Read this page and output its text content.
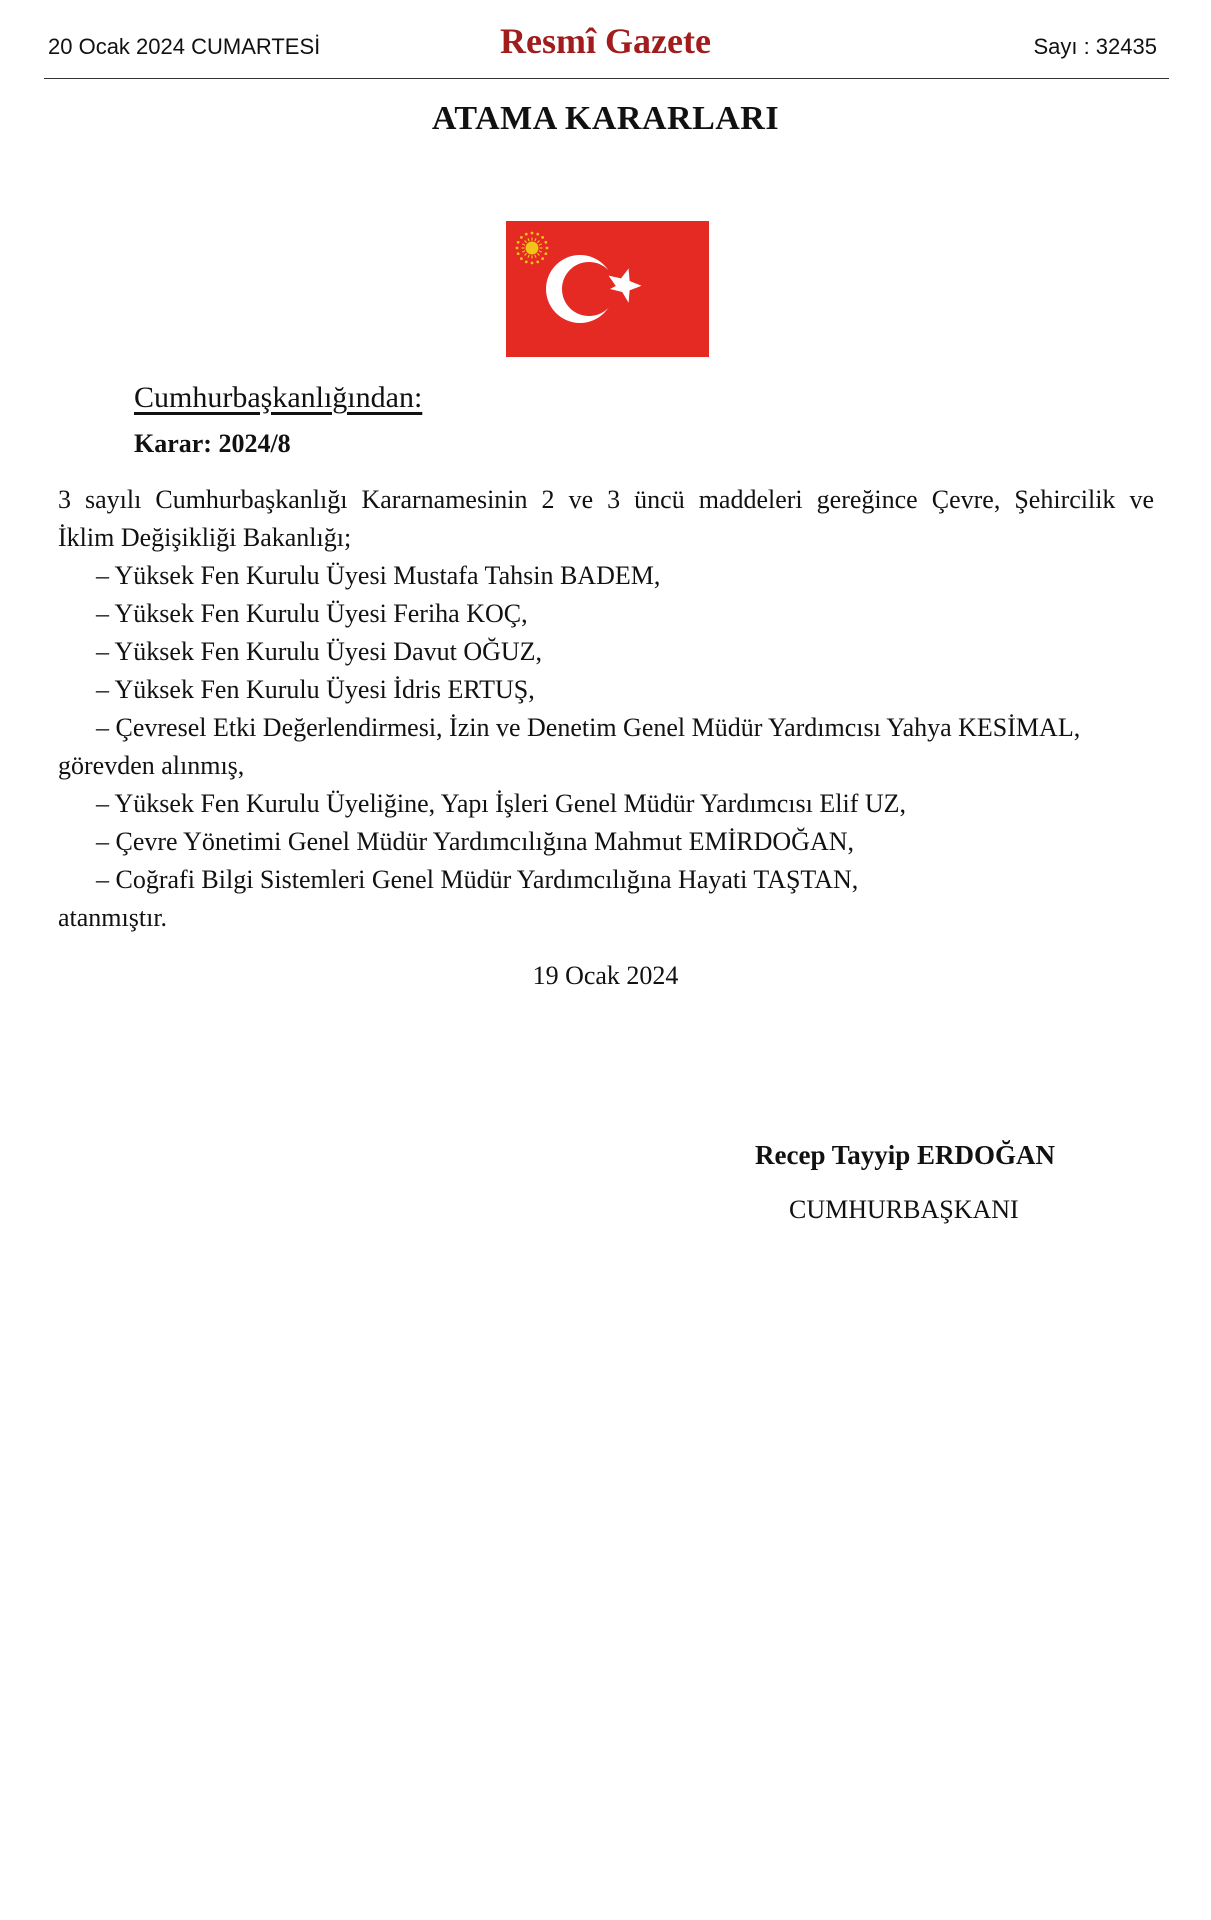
20 Ocak 2024 CUMARTESİ	Resmî Gazete	Sayı : 32435
ATAMA KARARLARI
Cumhurbaşkanlığından:
Karar: 2024/8
3 sayılı Cumhurbaşkanlığı Kararnamesinin 2 ve 3 üncü maddeleri gereğince Çevre, Şehircilik ve
İklim Değişikliği Bakanlığı;
– Yüksek Fen Kurulu Üyesi Mustafa Tahsin BADEM,
– Yüksek Fen Kurulu Üyesi Feriha KOÇ,
– Yüksek Fen Kurulu Üyesi Davut OĞUZ,
– Yüksek Fen Kurulu Üyesi İdris ERTUŞ,
– Çevresel Etki Değerlendirmesi, İzin ve Denetim Genel Müdür Yardımcısı Yahya KESİMAL,
görevden alınmış,
– Yüksek Fen Kurulu Üyeliğine, Yapı İşleri Genel Müdür Yardımcısı Elif UZ,
– Çevre Yönetimi Genel Müdür Yardımcılığına Mahmut EMİRDOĞAN,
– Coğrafi Bilgi Sistemleri Genel Müdür Yardımcılığına Hayati TAŞTAN,
atanmıştır.
19 Ocak 2024
Recep Tayyip ERDOĞAN
CUMHURBAŞKANI
